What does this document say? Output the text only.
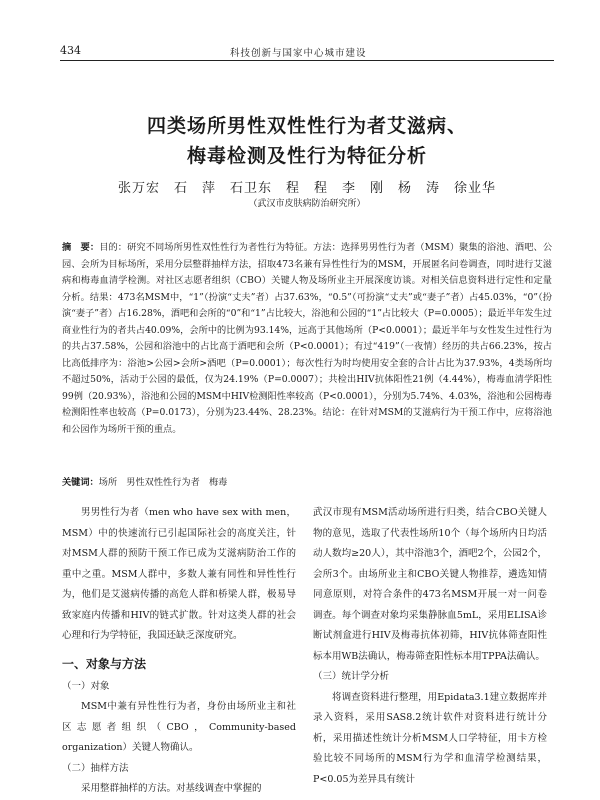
434	科技创新与国家中心城市建设
四类场所男性双性性行为者艾滋病、
梅毒检测及性行为特征分析
张万宏　石　萍　石卫东　程　程　李　刚　杨　涛　徐业华
（武汉市皮肤病防治研究所）
摘　要：目的：研究不同场所男性双性性行为者性行为特征。方法：选择男男性行为者（MSM）聚集的浴池、酒吧、公园、会所为目标场所，采用分层整群抽样方法，招取473名兼有异性性行为的MSM，开展匿名问卷调查，同时进行艾滋病和梅毒血清学检测。对社区志愿者组织（CBO）关键人物及场所业主开展深度访谈。对相关信息资料进行定性和定量分析。结果：473名MSM中，“1”（扮演“丈夫”者）占37.63%，“0.5”（可扮演“丈夫”或“妻子”者）占45.03%，“0”（扮演“妻子”者）占16.28%，酒吧和会所的“0”和“1”占比较大，浴池和公园的“1”占比较大（P=0.0005）；最近半年发生过商业性行为的者共占40.09%，会所中的比例为93.14%，远高于其他场所（P<0.0001）；最近半年与女性发生过性行为的共占37.58%，公园和浴池中的占比高于酒吧和会所（P<0.0001）；有过“419”（一夜情）经历的共占66.23%，按占比高低排序为：浴池>公园>会所>酒吧（P=0.0001）；每次性行为时均使用安全套的合计占比为37.93%，4类场所均不超过50%，活动于公园的最低，仅为24.19%（P=0.0007）；共检出HIV抗体阳性21例（4.44%），梅毒血清学阳性99例（20.93%），浴池和公园的MSM中HIV检测阳性率较高（P<0.0001），分别为5.74%、4.03%，浴池和公园梅毒检测阳性率也较高（P=0.0173），分别为23.44%、28.23%。结论：在针对MSM的艾滋病行为干预工作中，应将浴池和公园作为场所干预的重点。
关键词：场所　男性双性性行为者　梅毒

男男性行为者（men who have sex with men，MSM）中的快速流行已引起国际社会的高度关注，针对MSM人群的预防干预工作已成为艾滋病防治工作的重中之重。MSM人群中，多数人兼有同性和异性性行为，他们是艾滋病传播的高危人群和桥梁人群，极易导致家庭内传播和HIV的链式扩散。针对这类人群的社会心理和行为学特征，我国还缺乏深度研究。

一、对象与方法
（一）对象

MSM中兼有异性性行为者，身份由场所业主和社区志愿者组织（CBO，Community-based organization）关键人物确认。

（二）抽样方法

采用整群抽样的方法。对基线调查中掌握的

武汉市现有MSM活动场所进行归类，结合CBO关键人物的意见，选取了代表性场所10个（每个场所内日均活动人数均≥20人），其中浴池3个，酒吧2个，公园2个，会所3个。由场所业主和CBO关键人物推荐，遴选知情同意原则，对符合条件的473名MSM开展一对一问卷调查。每个调查对象均采集静脉血5mL，采用ELISA诊断试剂盒进行HIV及梅毒抗体初筛，HIV抗体筛查阳性标本用WB法确认，梅毒筛查阳性标本用TPPA法确认。

（三）统计学分析

将调查资料进行整理，用Epidata3.1建立数据库并录入资料，采用SAS8.2统计软件对资料进行统计分析，采用描述性统计分析MSM人口学特征，用卡方检验比较不同场所的MSM行为学和血清学检测结果，P<0.05为差异具有统计
